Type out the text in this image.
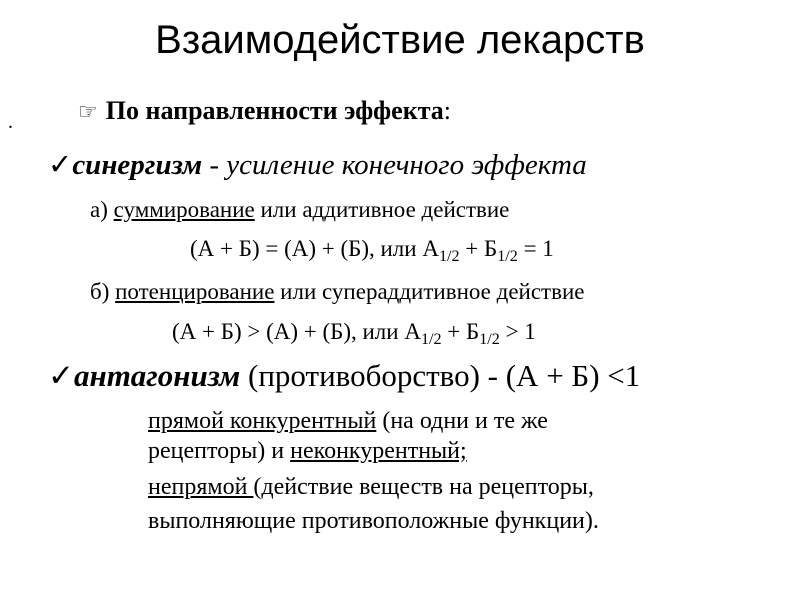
Взаимодействие лекарств
.	☞ По направленности эффекта:
✓синергизм - усиление конечного эффекта
а) суммирование или аддитивное действие
(А + Б) = (А) + (Б), или $А_{1/2} + Б_{1/2} = 1$
б) потенцирование или супераддитивное действие
(А + Б) > (А) + (Б), или $А_{1/2} + Б_{1/2} > 1$
✓антагонизм (противоборство) - (А + Б) <1
прямой конкурентный (на одни и те же
рецепторы) и неконкурентный;
непрямой (действие веществ на рецепторы,
выполняющие противоположные функции).
